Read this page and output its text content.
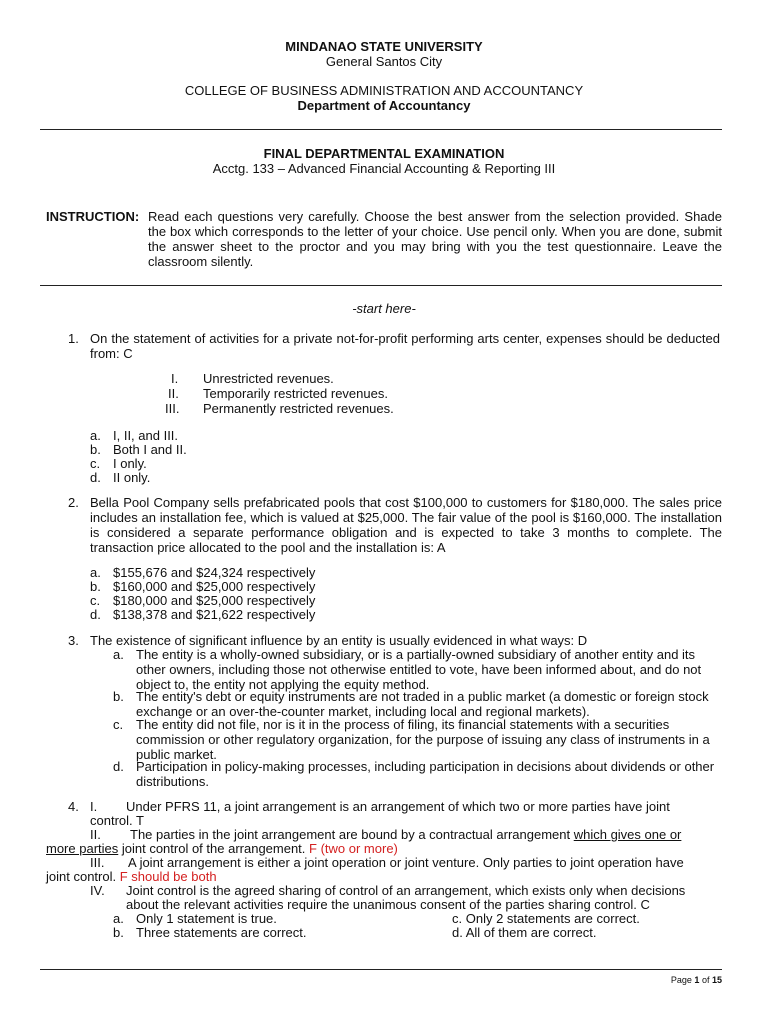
MINDANAO STATE UNIVERSITY
General Santos City
COLLEGE OF BUSINESS ADMINISTRATION AND ACCOUNTANCY
Department of Accountancy
FINAL DEPARTMENTAL EXAMINATION
Acctg. 133 – Advanced Financial Accounting & Reporting III
INSTRUCTION: Read each questions very carefully. Choose the best answer from the selection provided. Shade the box which corresponds to the letter of your choice. Use pencil only. When you are done, submit the answer sheet to the proctor and you may bring with you the test questionnaire. Leave the classroom silently.
-start here-
1. On the statement of activities for a private not-for-profit performing arts center, expenses should be deducted from: C
I. Unrestricted revenues.
II. Temporarily restricted revenues.
III. Permanently restricted revenues.
a. I, II, and III.
b. Both I and II.
c. I only.
d. II only.
2. Bella Pool Company sells prefabricated pools that cost $100,000 to customers for $180,000. The sales price includes an installation fee, which is valued at $25,000. The fair value of the pool is $160,000. The installation is considered a separate performance obligation and is expected to take 3 months to complete. The transaction price allocated to the pool and the installation is: A
a. $155,676 and $24,324 respectively
b. $160,000 and $25,000 respectively
c. $180,000 and $25,000 respectively
d. $138,378 and $21,622 respectively
3. The existence of significant influence by an entity is usually evidenced in what ways: D
a. The entity is a wholly-owned subsidiary, or is a partially-owned subsidiary of another entity and its other owners, including those not otherwise entitled to vote, have been informed about, and do not object to, the entity not applying the equity method.
b. The entity's debt or equity instruments are not traded in a public market (a domestic or foreign stock exchange or an over-the-counter market, including local and regional markets).
c. The entity did not file, nor is it in the process of filing, its financial statements with a securities commission or other regulatory organization, for the purpose of issuing any class of instruments in a public market.
d. Participation in policy-making processes, including participation in decisions about dividends or other distributions.
4. I. Under PFRS 11, a joint arrangement is an arrangement of which two or more parties have joint
control. T
II. The parties in the joint arrangement are bound by a contractual arrangement which gives one or
more parties joint control of the arrangement. F (two or more)
III. A joint arrangement is either a joint operation or joint venture. Only parties to joint operation have
joint control. F should be both
IV. Joint control is the agreed sharing of control of an arrangement, which exists only when decisions
about the relevant activities require the unanimous consent of the parties sharing control. C
a. Only 1 statement is true.	c. Only 2 statements are correct.
b. Three statements are correct.	d. All of them are correct.
Page 1 of 15
